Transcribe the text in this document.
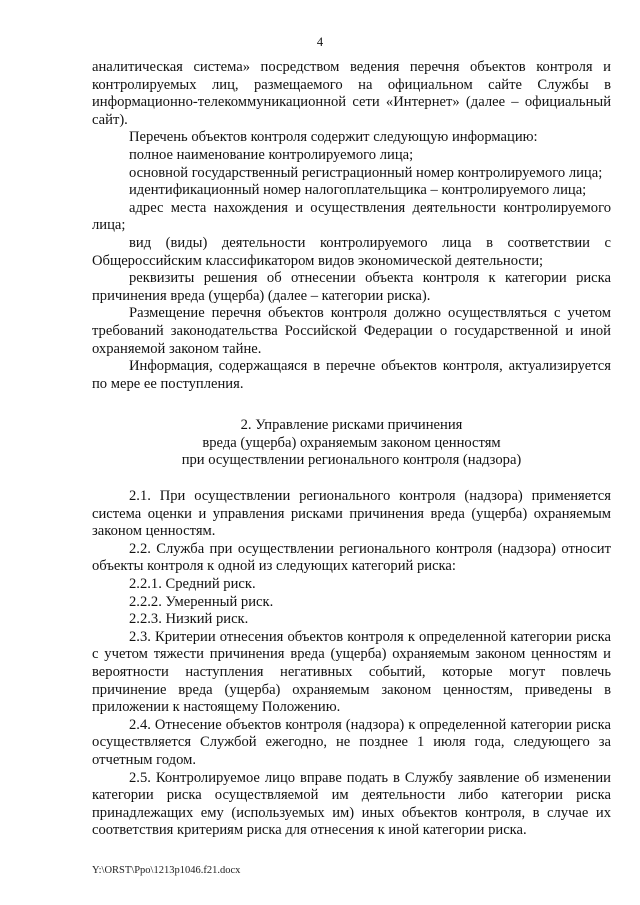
4

аналитическая система» посредством ведения перечня объектов контроля и контролируемых лиц, размещаемого на официальном сайте Службы в информационно-телекоммуникационной сети «Интернет» (далее – официальный сайт).

Перечень объектов контроля содержит следующую информацию:

полное наименование контролируемого лица;

основной государственный регистрационный номер контролируемого лица;

идентификационный номер налогоплательщика – контролируемого лица;

адрес места нахождения и осуществления деятельности контролируемого лица;

вид (виды) деятельности контролируемого лица в соответствии с Общероссийским классификатором видов экономической деятельности;

реквизиты решения об отнесении объекта контроля к категории риска причинения вреда (ущерба) (далее – категории риска).

Размещение перечня объектов контроля должно осуществляться с учетом требований законодательства Российской Федерации о государственной и иной охраняемой законом тайне.

Информация, содержащаяся в перечне объектов контроля, актуализируется по мере ее поступления.

2. Управление рисками причинения
вреда (ущерба) охраняемым законом ценностям
при осуществлении регионального контроля (надзора)

2.1. При осуществлении регионального контроля (надзора) применяется система оценки и управления рисками причинения вреда (ущерба) охраняемым законом ценностям.

2.2. Служба при осуществлении регионального контроля (надзора) относит объекты контроля к одной из следующих категорий риска:

2.2.1. Средний риск.

2.2.2. Умеренный риск.

2.2.3. Низкий риск.

2.3. Критерии отнесения объектов контроля к определенной категории риска с учетом тяжести причинения вреда (ущерба) охраняемым законом ценностям и вероятности наступления негативных событий, которые могут повлечь причинение вреда (ущерба) охраняемым законом ценностям, приведены в приложении к настоящему Положению.

2.4. Отнесение объектов контроля (надзора) к определенной категории риска осуществляется Службой ежегодно, не позднее 1 июля года, следующего за отчетным годом.

2.5. Контролируемое лицо вправе подать в Службу заявление об изменении категории риска осуществляемой им деятельности либо категории риска принадлежащих ему (используемых им) иных объектов контроля, в случае их соответствия критериям риска для отнесения к иной категории риска.

Y:\ORST\Ppo\1213p1046.f21.docx
